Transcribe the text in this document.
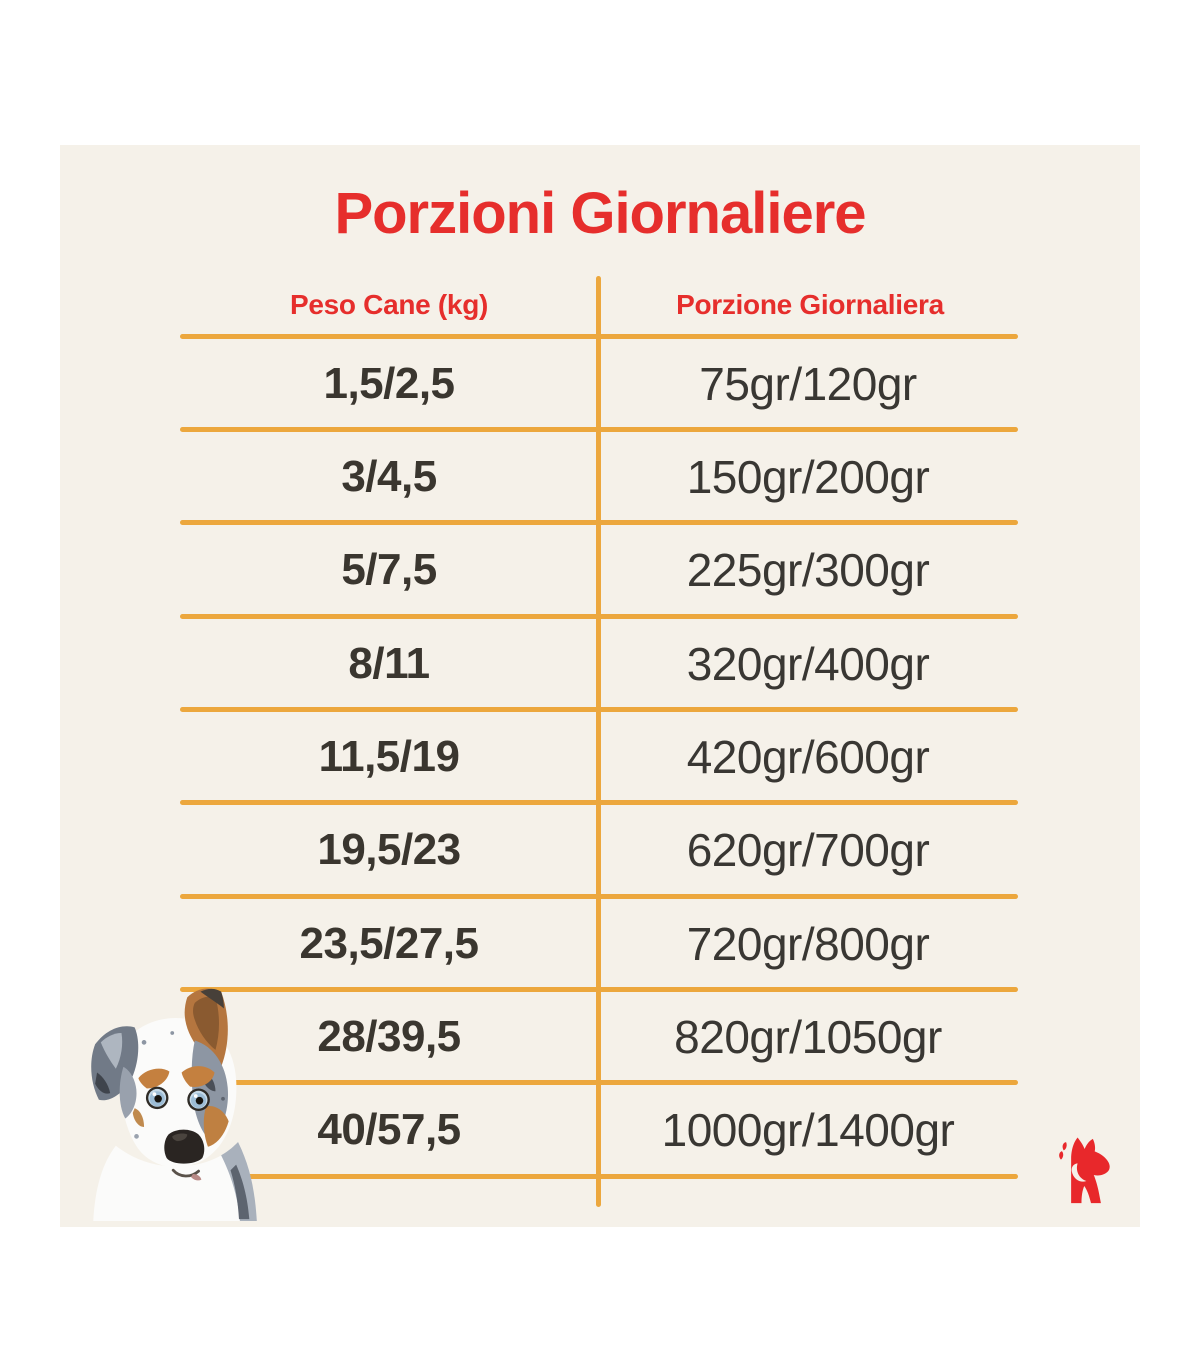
Porzioni Giornaliere
Peso Cane (kg)	Porzione Giornaliera
1,5/2,5	75gr/120gr
3/4,5	150gr/200gr
5/7,5	225gr/300gr
8/11	320gr/400gr
11,5/19	420gr/600gr
19,5/23	620gr/700gr
23,5/27,5	720gr/800gr
28/39,5	820gr/1050gr
40/57,5	1000gr/1400gr
